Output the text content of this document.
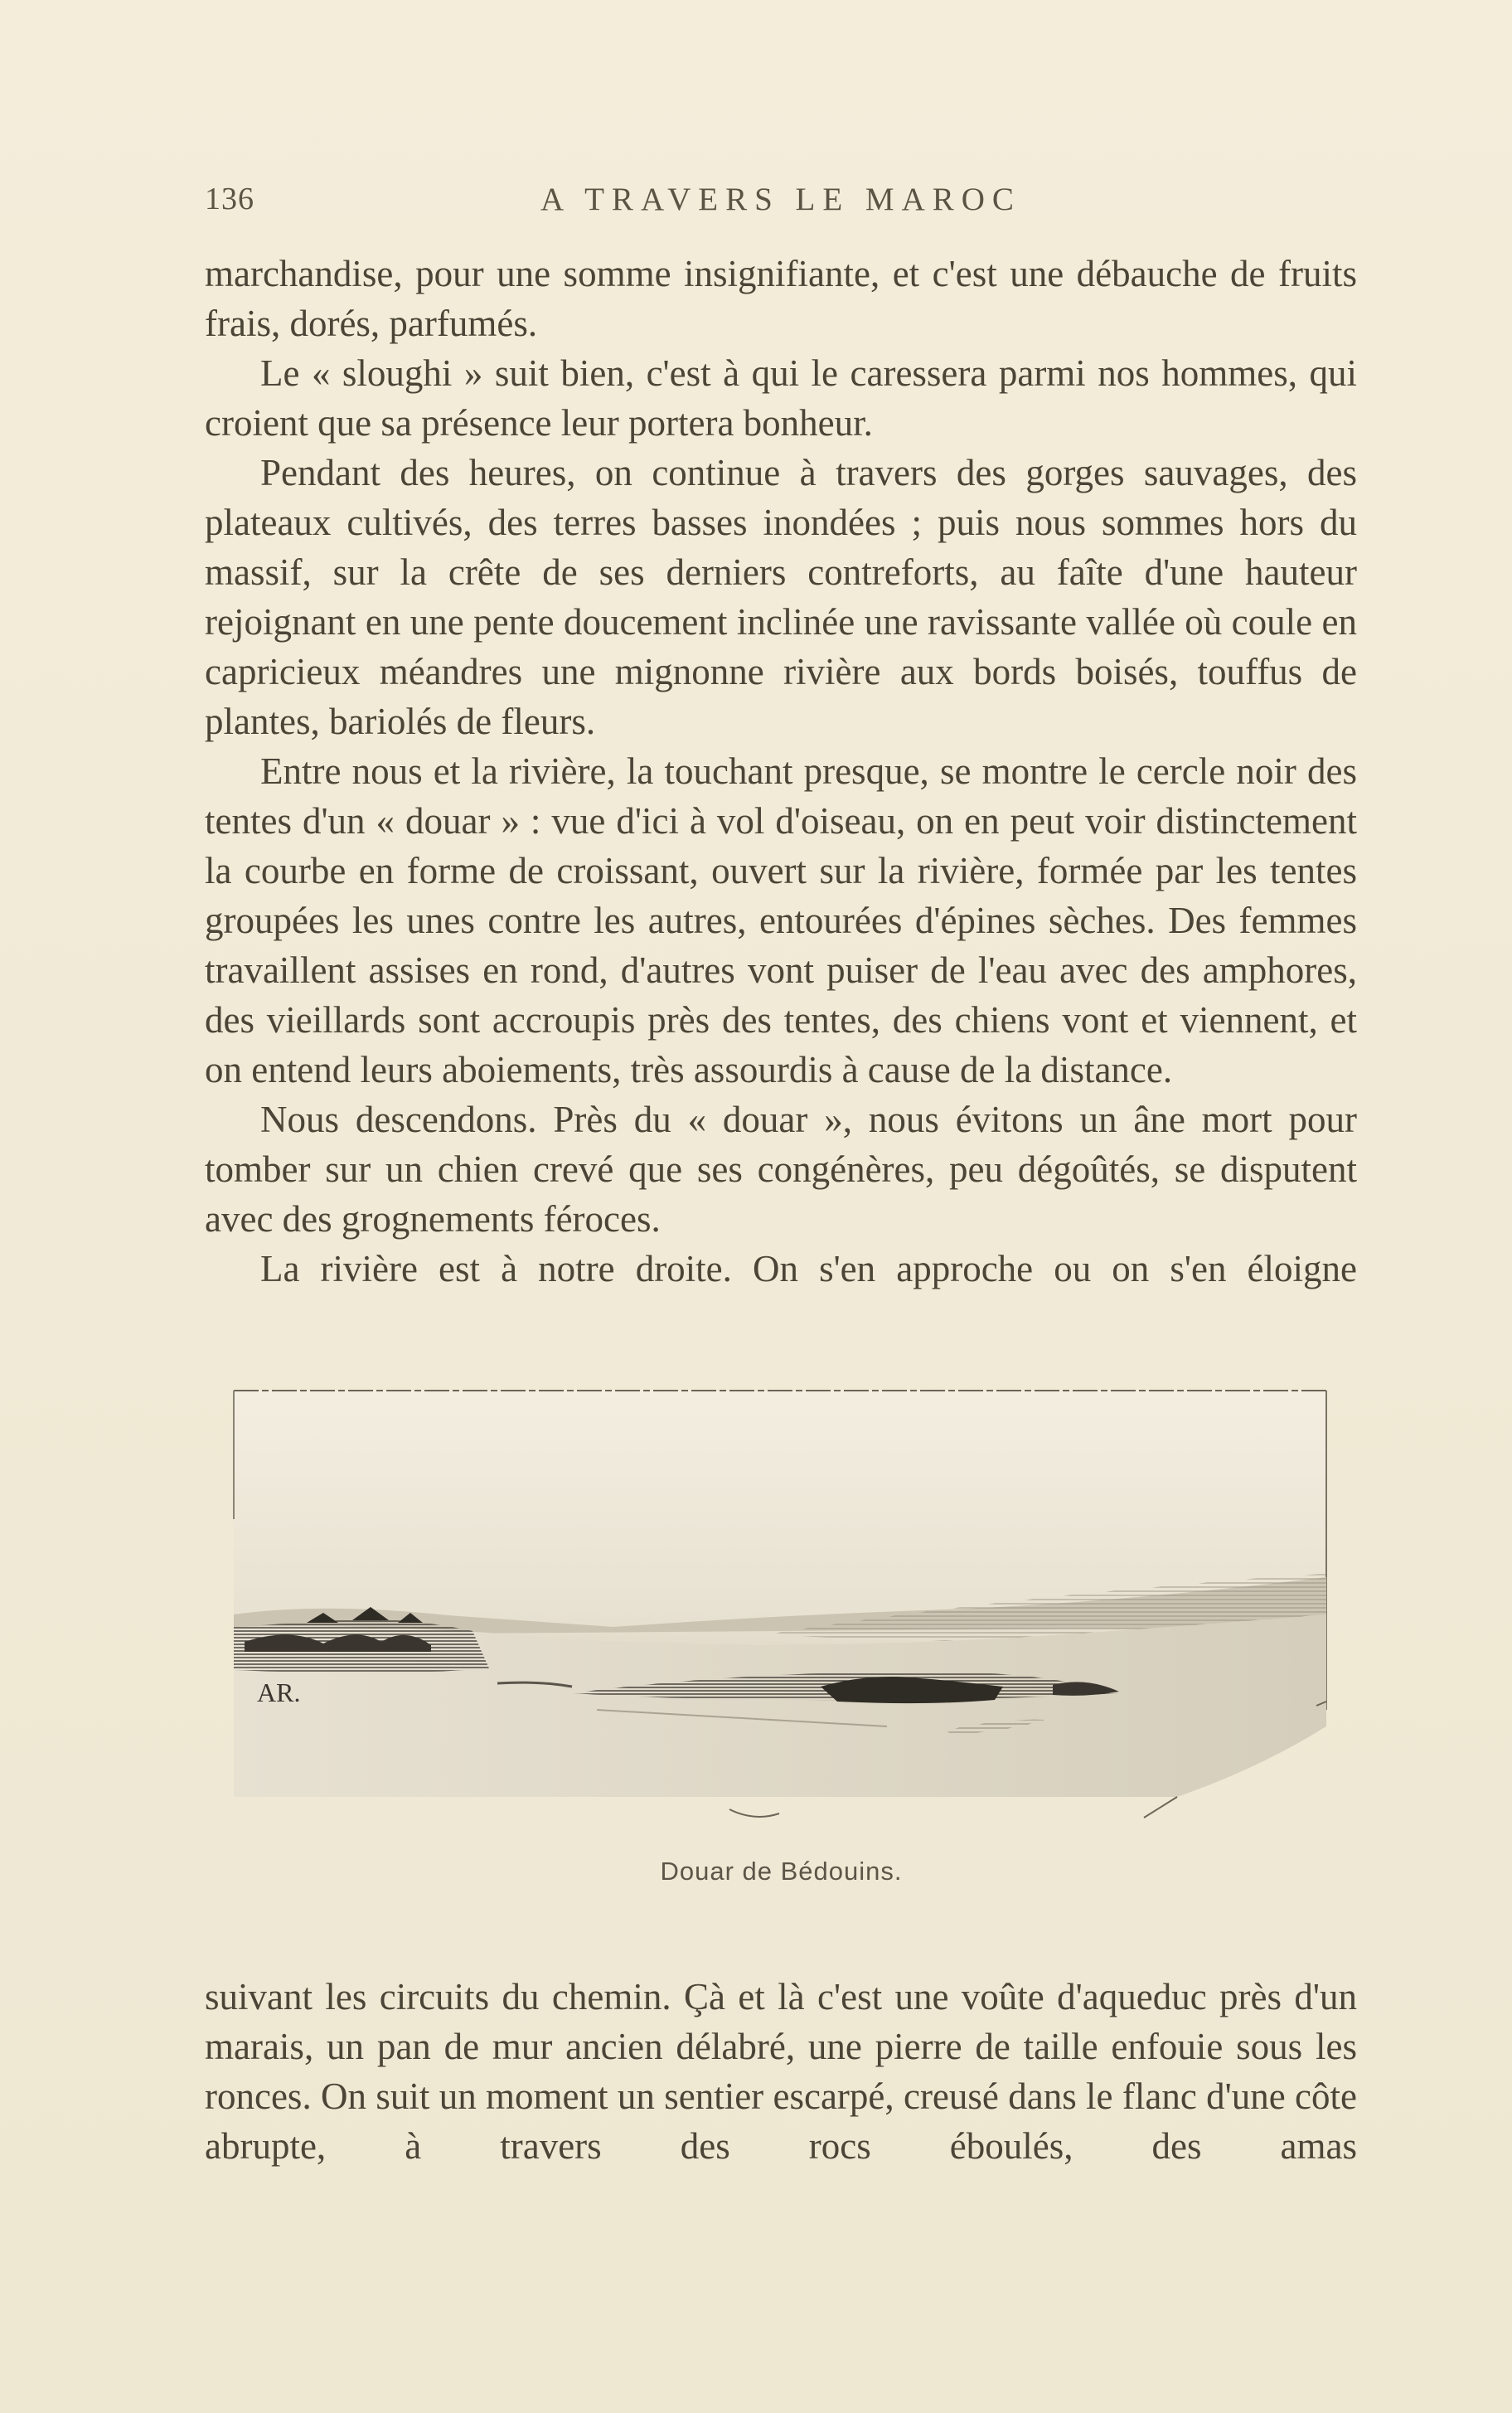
136	A TRAVERS LE MAROC

marchandise, pour une somme insignifiante, et c'est une débauche de fruits frais, dorés, parfumés.

Le « sloughi » suit bien, c'est à qui le caressera parmi nos hommes, qui croient que sa présence leur portera bonheur.

Pendant des heures, on continue à travers des gorges sauvages, des plateaux cultivés, des terres basses inondées ; puis nous sommes hors du massif, sur la crête de ses derniers contreforts, au faîte d'une hauteur rejoignant en une pente doucement inclinée une ravissante vallée où coule en capricieux méandres une mignonne rivière aux bords boisés, touffus de plantes, bariolés de fleurs.

Entre nous et la rivière, la touchant presque, se montre le cercle noir des tentes d'un « douar » : vue d'ici à vol d'oiseau, on en peut voir distinctement la courbe en forme de croissant, ouvert sur la rivière, formée par les tentes groupées les unes contre les autres, entourées d'épines sèches. Des femmes travaillent assises en rond, d'autres vont puiser de l'eau avec des amphores, des vieillards sont accroupis près des tentes, des chiens vont et viennent, et on entend leurs aboiements, très assourdis à cause de la distance.

Nous descendons. Près du « douar », nous évitons un âne mort pour tomber sur un chien crevé que ses congénères, peu dégoûtés, se disputent avec des grognements féroces.

La rivière est à notre droite. On s'en approche ou on s'en éloigne

AR.
Douar de Bédouins.

suivant les circuits du chemin. Çà et là c'est une voûte d'aqueduc près d'un marais, un pan de mur ancien délabré, une pierre de taille enfouie sous les ronces. On suit un moment un sentier escarpé, creusé dans le flanc d'une côte abrupte, à travers des rocs éboulés, des amas
